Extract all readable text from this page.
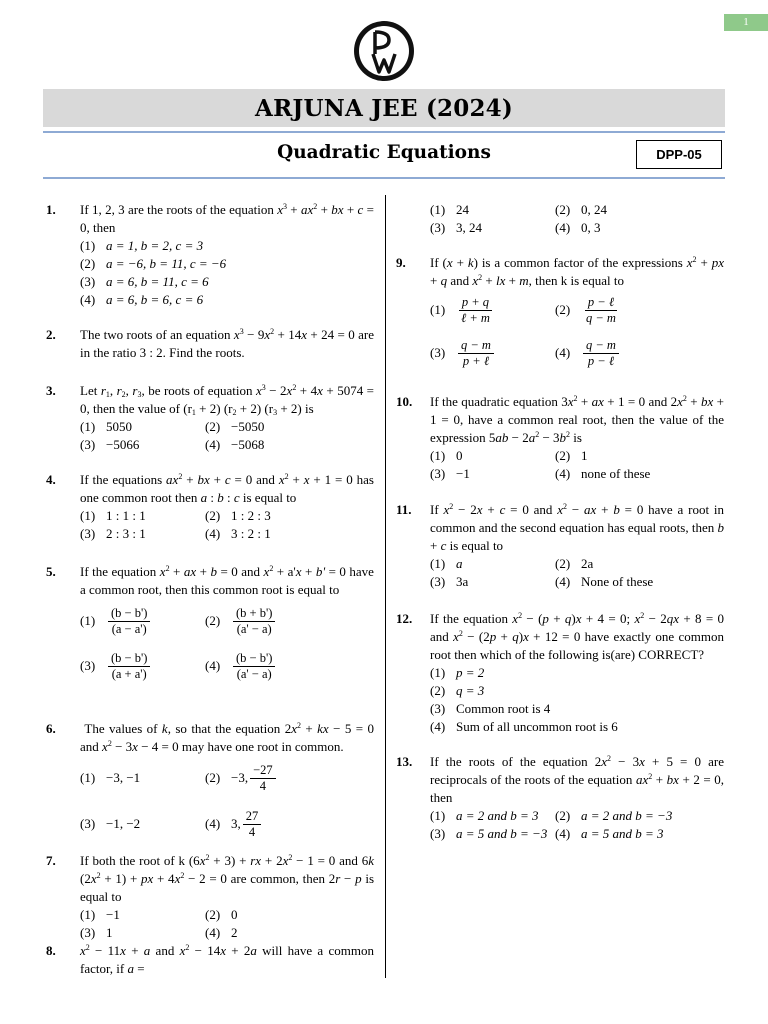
1
ARJUNA JEE (2024)
Quadratic Equations	DPP-05
1. If 1, 2, 3 are the roots of the equation $x^3 + ax^2$ + bx + c = 0, then
(1) a = 1, b = 2, c = 3
(2) a = −6, b = 11, c = −6
(3) a = 6, b = 11, c = 6
(4) a = 6, b = 6, c = 6
2. The two roots of an equation $x^3 - 9x^2 + 14x + 24 = 0$ are in the ratio 3 : 2. Find the roots.
3. Let $r_1$, $r_2$, $r_3$, be roots of equation $x^3 - 2x^2 + 4x + 5074 = 0$, then the value of $(r_1 + 2) (r_2 + 2) (r_3 + 2)$ is
(1) 5050	(2) −5050
(3) −5066	(4) −5068
4. If the equations $ax^2$ + bx + c = 0 and $x^2 + x + 1 = 0$ has one common root then a : b : c is equal to
(1) 1 : 1 : 1	(2) 1 : 2 : 3
(3) 2 : 3 : 1	(4) 3 : 2 : 1
5. If the equation $x^2$ + ax + b = 0 and $x^2 + a'x + b' = 0$ have a common root, then this common root is equal to
(1)	$\frac{(b - b')}{(a - a')}$	(2)	$\frac{(b + b')}{(a' - a)}$
(3)	$\frac{(b - b')}{(a + a')}$	(4)	$\frac{(b - b')}{(a' - a)}$
6.	The values of k, so that the equation $2x^2$ + kx − 5 = 0 and $x^2 - 3x - 4 = 0$ may have one root in common.
(1) −3, −1	(2) −3, $\frac{-27}{4}$
(3) −1, −2	(4) 3, $\frac{27}{4}$
7. If both the root of k $(6x^2 + 3)$ + rx + $2x^2 - 1 = 0$ and 6k $(2x^2 + 1)$ + px + $4x^2 - 2 = 0$ are common, then 2r − p is equal to
(1) −1	(2) 0
(3) 1	(4) 2
8. $x^2 - 11x + a$ and $x^2 - 14x + 2a$ will have a common factor, if a =
(1) 24	(2) 0, 24
(3) 3, 24	(4) 0, 3
9. If (x + k) is a common factor of the expressions $x^2$ + px + q and $x^2$ + lx + m, then k is equal to
(1)	$\frac{p + q}{\text{ℓ + m}}$	(2)	$\frac{\text{p − ℓ}}{q - m}$
(3)	$\frac{q - m}{\text{p + ℓ}}$	(4)	$\frac{q - m}{\text{p − ℓ}}$
10. If the quadratic equation $3x^2$ + ax + 1 = 0 and $2x^2$ + bx + 1 = 0, have a common real root, then the value of the expression $5ab - 2a^2 - 3b^2$ is
(1) 0	(2) 1
(3) −1	(4) none of these
11. If $x^2 - 2x + c = 0$ and $x^2$ − ax + b = 0 have a root in common and the second equation has equal roots, then b + c is equal to
(1) a	(2) 2a
(3) 3a	(4) None of these
12. If the equation $x^2 - (p + q)x + 4 = 0$; $x^2 - 2qx + 8 = 0$ and $x^2 - (2p + q)x + 12 = 0$ have exactly one common root then which of the following is(are) CORRECT?
(1) p = 2
(2) q = 3
(3) Common root is 4
(4) Sum of all uncommon root is 6
13. If the roots of the equation $2x^2 - 3x + 5 = 0$ are reciprocals of the roots of the equation $ax^2$ + bx + 2 = 0, then
(1) a = 2 and b = 3	(2) a = 2 and b = −3
(3) a = 5 and b = −3 (4) a = 5 and b = 3
